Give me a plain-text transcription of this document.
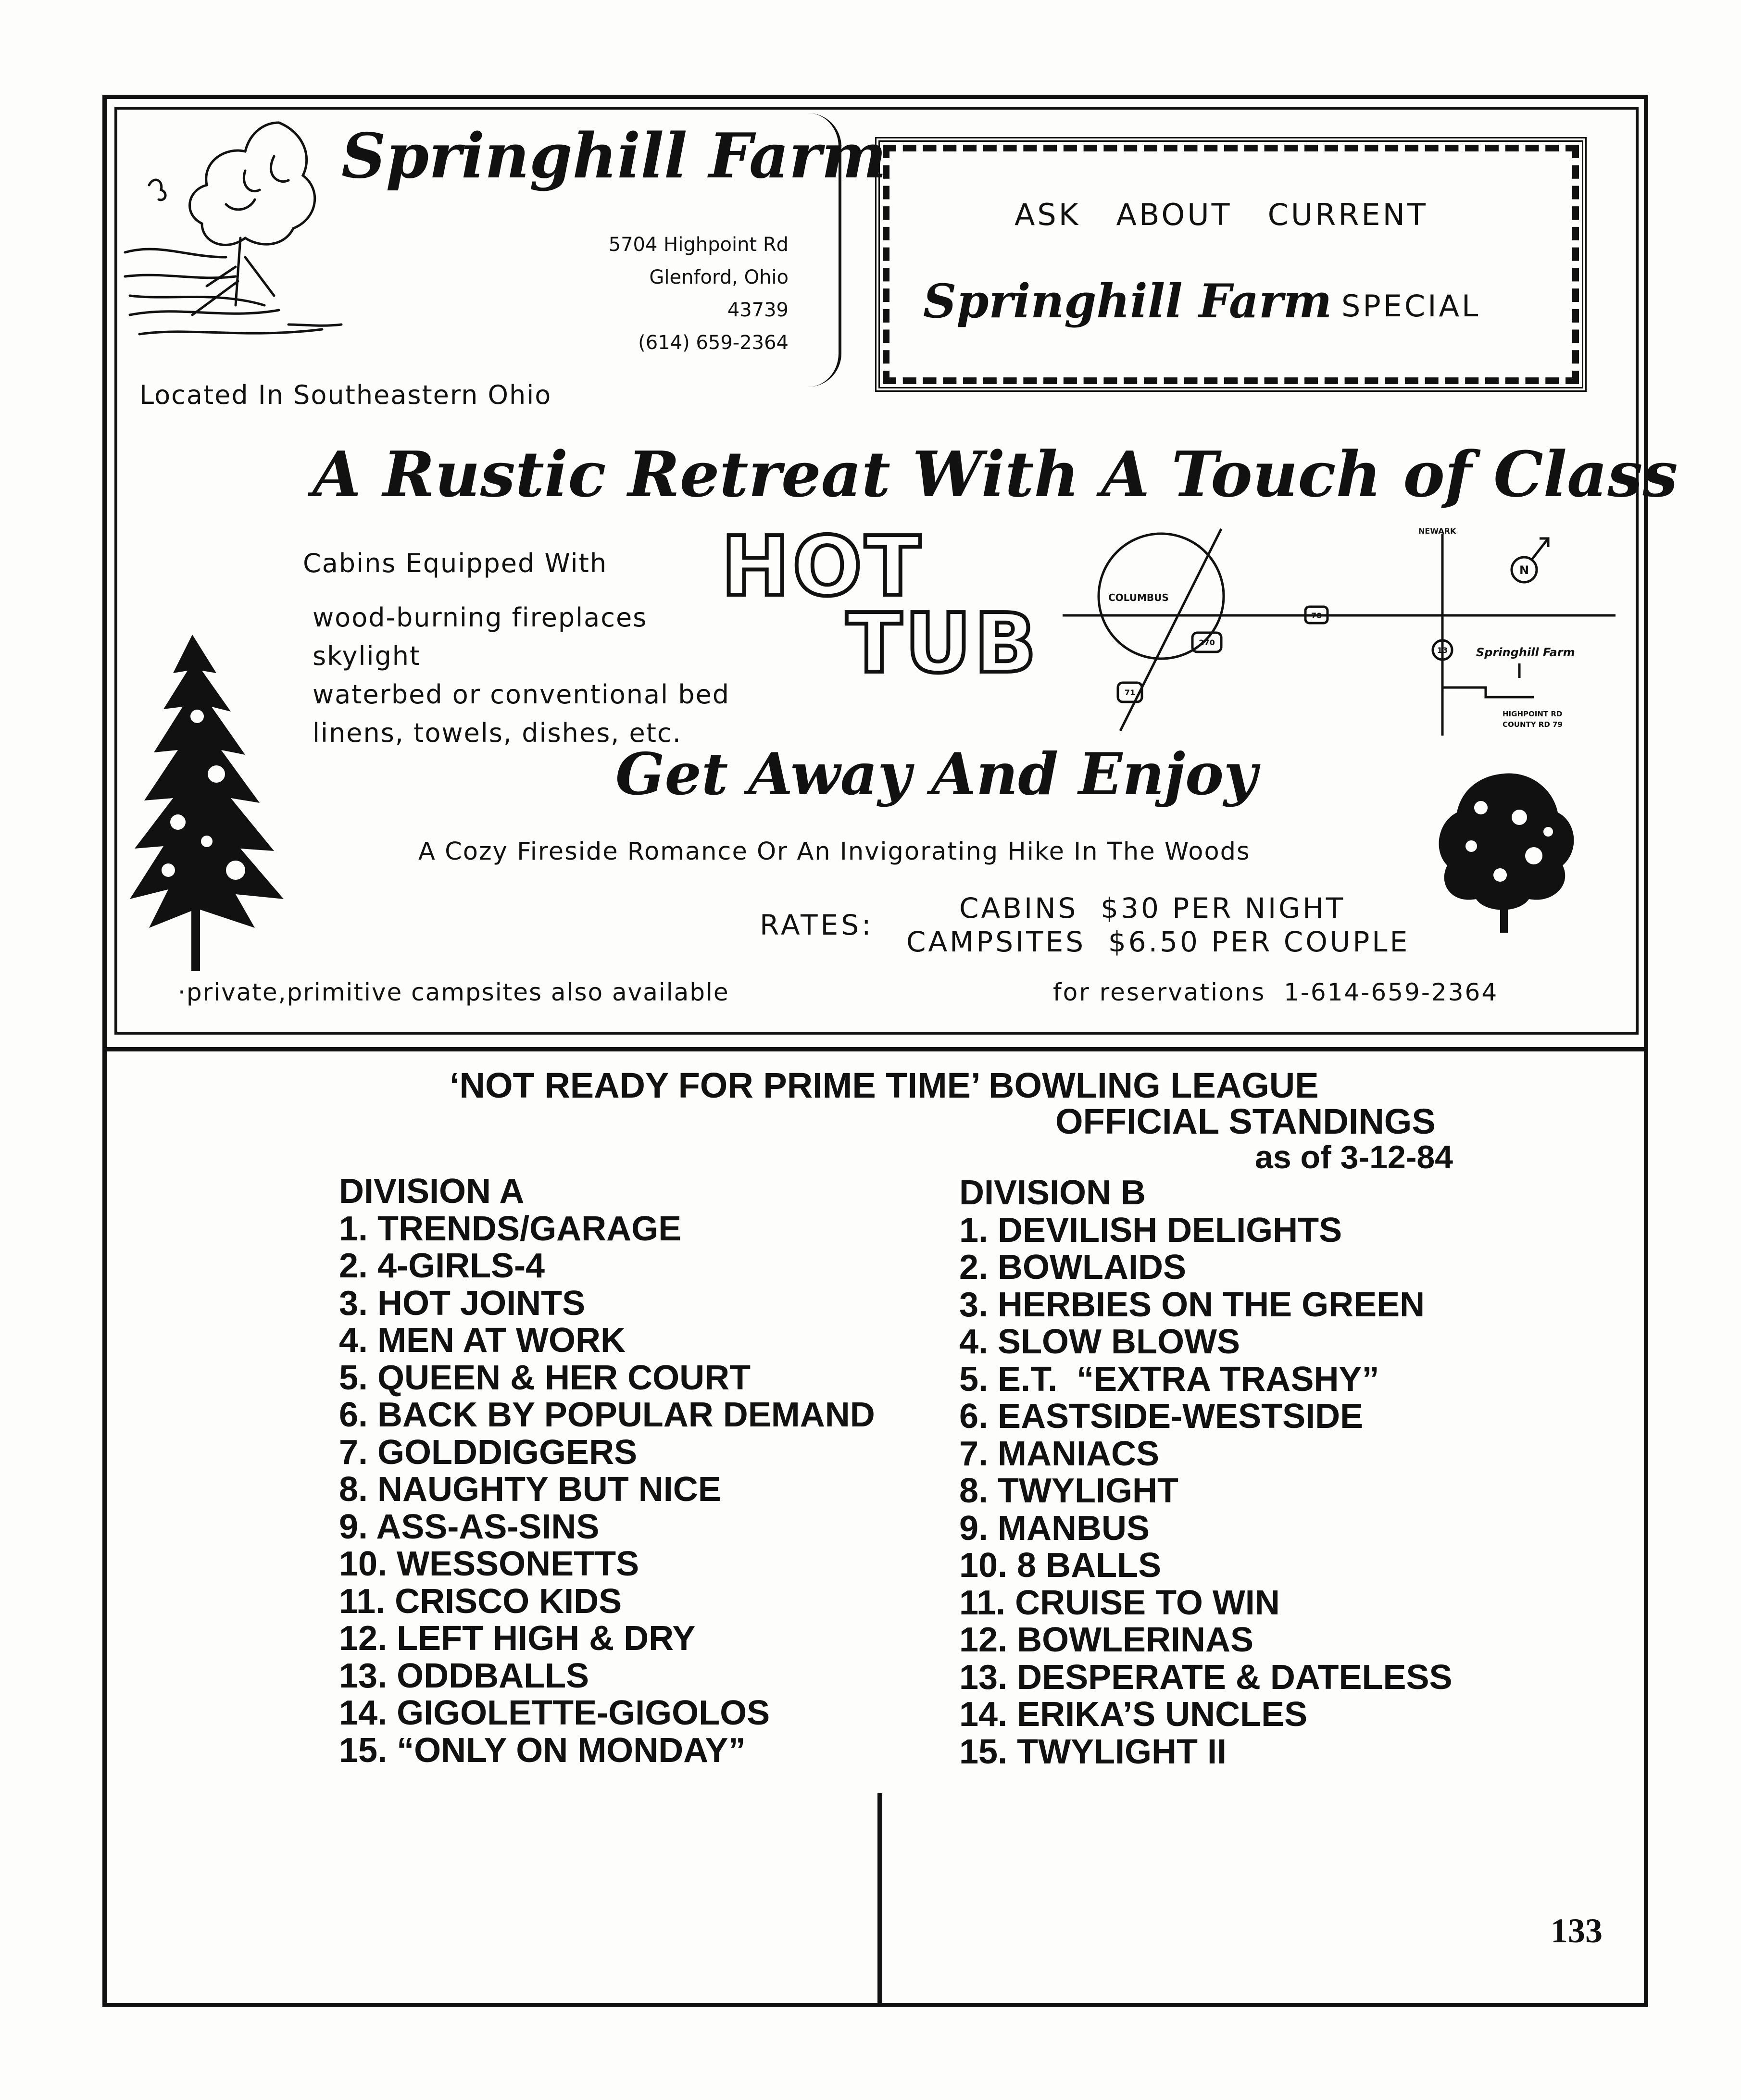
Springhill Farm
5704 Highpoint Rd
Glenford, Ohio
43739
(614) 659-2364
Located In Southeastern Ohio
ASK   ABOUT   CURRENT
Springhill Farm SPECIAL
A Rustic Retreat With A Touch of Class
Cabins Equipped With
wood-burning fireplaces
skylight
waterbed or conventional bed
linens, towels, dishes, etc.
HOT
TUB	COLUMBUS
NEWARK
N
70
270
71
13 Springhill Farm
HIGHPOINT RD
COUNTY RD 79
Get Away And Enjoy
A Cozy Fireside Romance Or An Invigorating Hike In The Woods
RATES:
CABINS  $30 PER NIGHT
CAMPSITES  $6.50 PER COUPLE
·private,primitive campsites also available	for reservations  1-614-659-2364
‘NOT READY FOR PRIME TIME’ BOWLING LEAGUE
OFFICIAL STANDINGS
as of 3-12-84
DIVISION A
1. TRENDS/GARAGE
2. 4-GIRLS-4
3. HOT JOINTS
4. MEN AT WORK
5. QUEEN & HER COURT
6. BACK BY POPULAR DEMAND
7. GOLDDIGGERS
8. NAUGHTY BUT NICE
9. ASS-AS-SINS
10. WESSONETTS
11. CRISCO KIDS
12. LEFT HIGH & DRY
13. ODDBALLS
14. GIGOLETTE-GIGOLOS
15. “ONLY ON MONDAY”
DIVISION B
1. DEVILISH DELIGHTS
2. BOWLAIDS
3. HERBIES ON THE GREEN
4. SLOW BLOWS
5. E.T.  “EXTRA TRASHY”
6. EASTSIDE-WESTSIDE
7. MANIACS
8. TWYLIGHT
9. MANBUS
10. 8 BALLS
11. CRUISE TO WIN
12. BOWLERINAS
13. DESPERATE & DATELESS
14. ERIKA’S UNCLES
15. TWYLIGHT II
133
